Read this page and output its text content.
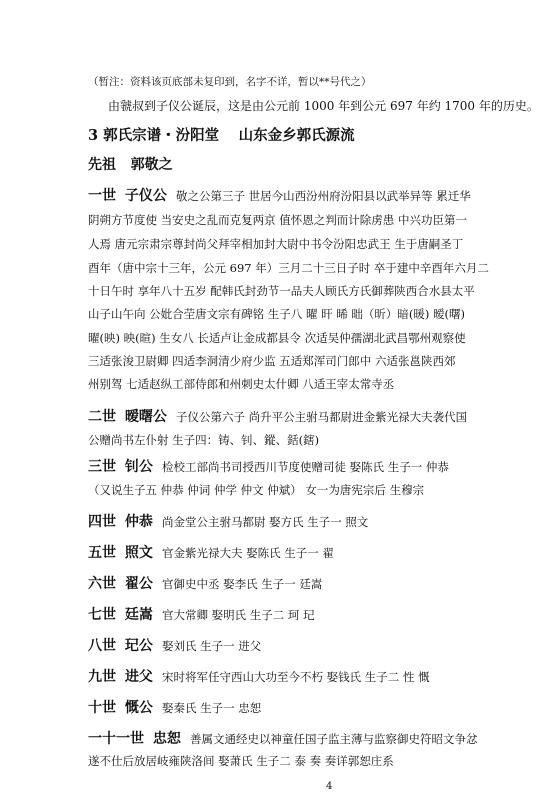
（暂注：资料该页底部未复印到，名字不详，暂以**号代之）
由虢叔到子仪公诞辰，这是由公元前 1000 年到公元 697 年约 1700 年的历史。
3 郭氏宗谱・汾阳堂　 山东金乡郭氏源流
先祖 郭敬之
一世 子仪公 敬之公第三子 世居今山西汾州府汾阳县以武举异等 累迁华
阴朔方节度使 当安史之乱而克复两京 值怀恩之判而计除虏患 中兴功臣第一
人焉 唐元宗肃宗尊封尚父拜宰相加封大尉中书令汾阳忠武王 生于唐嗣圣丁
酉年（唐中宗十三年，公元 697 年）三月二十三日子时 卒于建中辛酉年六月二
十日午时 享年八十五岁 配韩氏封劲节一品夫人顾氏方氏御葬陕西合水县太平
山子山午向 公妣合茔唐文宗有碑铭 生子八 曜 旰 晞 昢（昕）暗(暖) 暧(曙)
曜(映) 映(暄) 生女八 长适卢让金成都县令 次适吴仲孺湖北武昌鄂州观察使
三适张浚卫尉卿 四适李洞清少府少监 五适郑浑司门郎中 六适张邕陕西郊
州别驾 七适赵纵工部侍郎和州刺史太什卿 八适王宰太常寺丞
二世 暧曙公 子仪公第六子 尚升平公主驸马都尉进金紫光禄大夫袭代国
公赠尚书左仆射 生子四：铸、钊、鏦、銛(鎋)
三世 钊公 检校工部尚书司授西川节度使赠司徒 娶陈氏 生子一 仲恭
（又说生子五 仲恭 仲词 仲学 仲文 仲斌） 女一为唐宪宗后 生穆宗
四世 仲恭 尚金堂公主驸马都尉 娶方氏 生子一 照文
五世 照文 官金紫光禄大夫 娶陈氏 生子一 翟
六世 翟公 官御史中丞 娶李氏 生子一 廷嵩
七世 廷嵩 官大常卿 娶明氏 生子二 珂 玘
八世 玘公 娶刘氏 生子一 进父
九世 进父 宋时将军任守西山大功至今不朽 娶钱氏 生子二 性 慨
十世 慨公 娶秦氏 生子一 忠恕
一十一世 忠恕 善属文通经史以神童任国子监主薄与监察御史符昭文争忿
遂不仕后放居岐雍陕洛间 娶萧氏 生子二 泰 奏 奏详郭恕庄系
4
